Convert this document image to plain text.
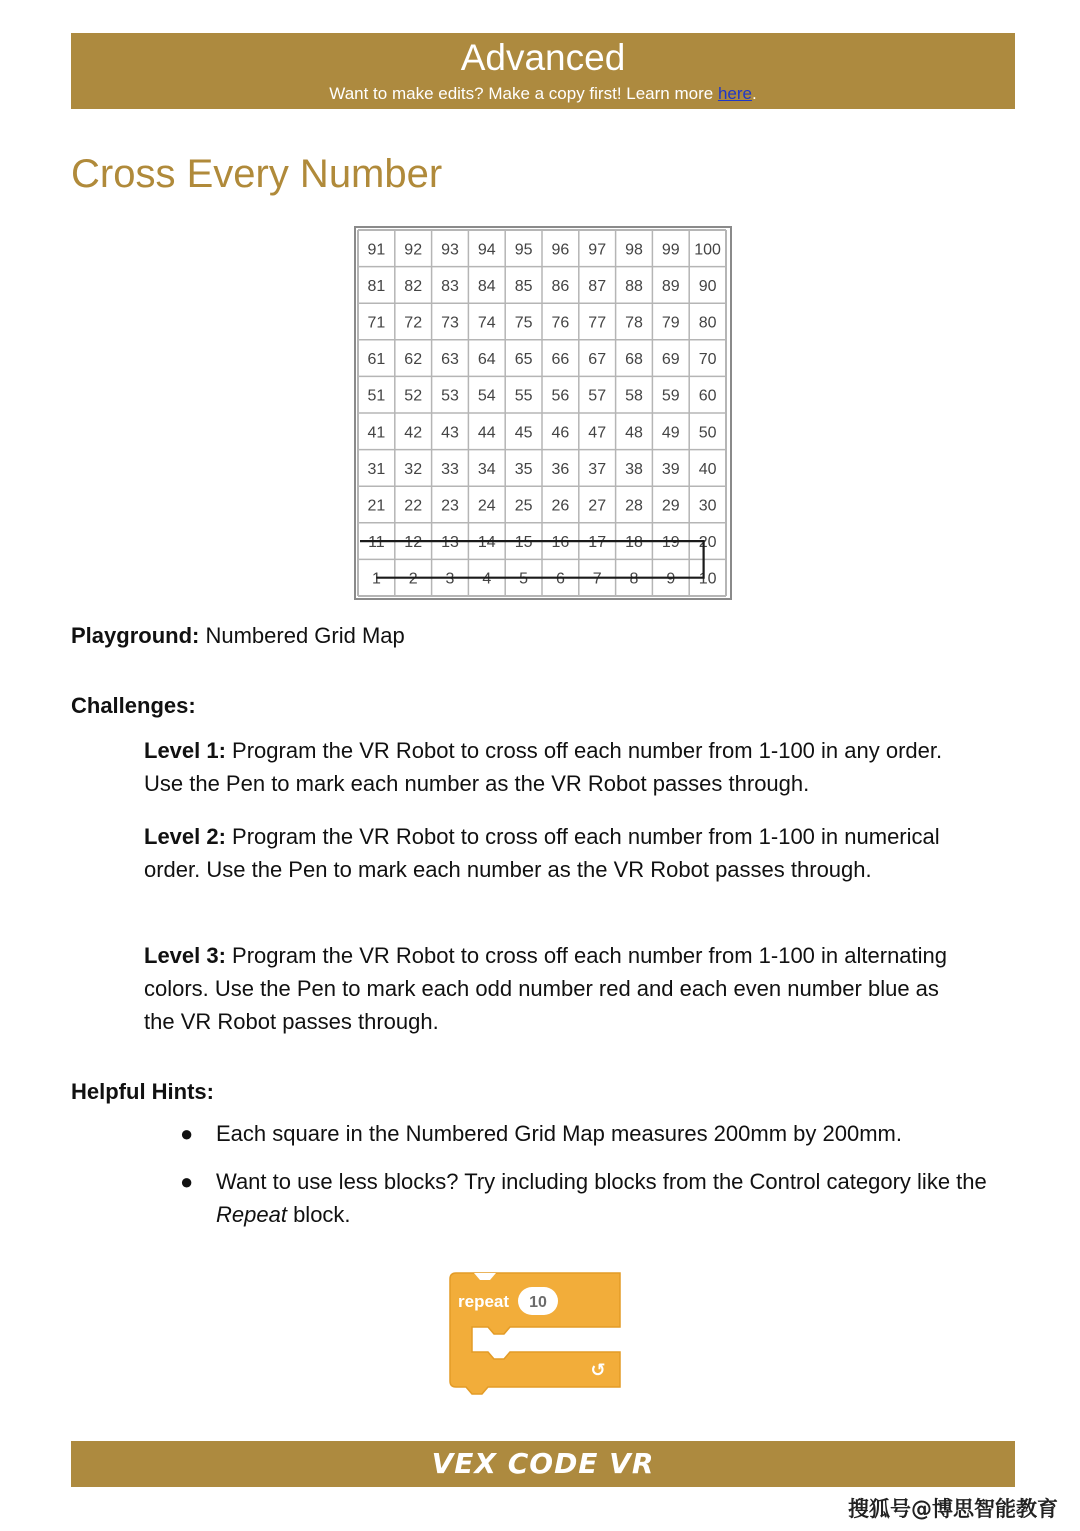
Advanced
Want to make edits? Make a copy first! Learn more here.
Cross Every Number
91 92 93 94 95 96 97 98 99 100
81 82 83 84 85 86 87 88 89 90
71 72 73 74 75 76 77 78 79 80
61 62 63 64 65 66 67 68 69 70
51 52 53 54 55 56 57 58 59 60
41 42 43 44 45 46 47 48 49 50
31 32 33 34 35 36 37 38 39 40
21 22 23 24 25 26 27 28 29 30
11 12 13 14 15 16 17 18 19 20
1 2 3 4 5 6 7 8 9 10
Playground: Numbered Grid Map
Challenges:
Level 1: Program the VR Robot to cross off each number from 1-100 in any order. Use the Pen to mark each number as the VR Robot passes through.
Level 2: Program the VR Robot to cross off each number from 1-100 in numerical order. Use the Pen to mark each number as the VR Robot passes through.
Level 3: Program the VR Robot to cross off each number from 1-100 in alternating colors. Use the Pen to mark each odd number red and each even number blue as the VR Robot passes through.
Helpful Hints:
● Each square in the Numbered Grid Map measures 200mm by 200mm.
● Want to use less blocks? Try including blocks from the Control category like the Repeat block.
repeat 10
↺
VEX CODE VR
搜狐号@博思智能教育
